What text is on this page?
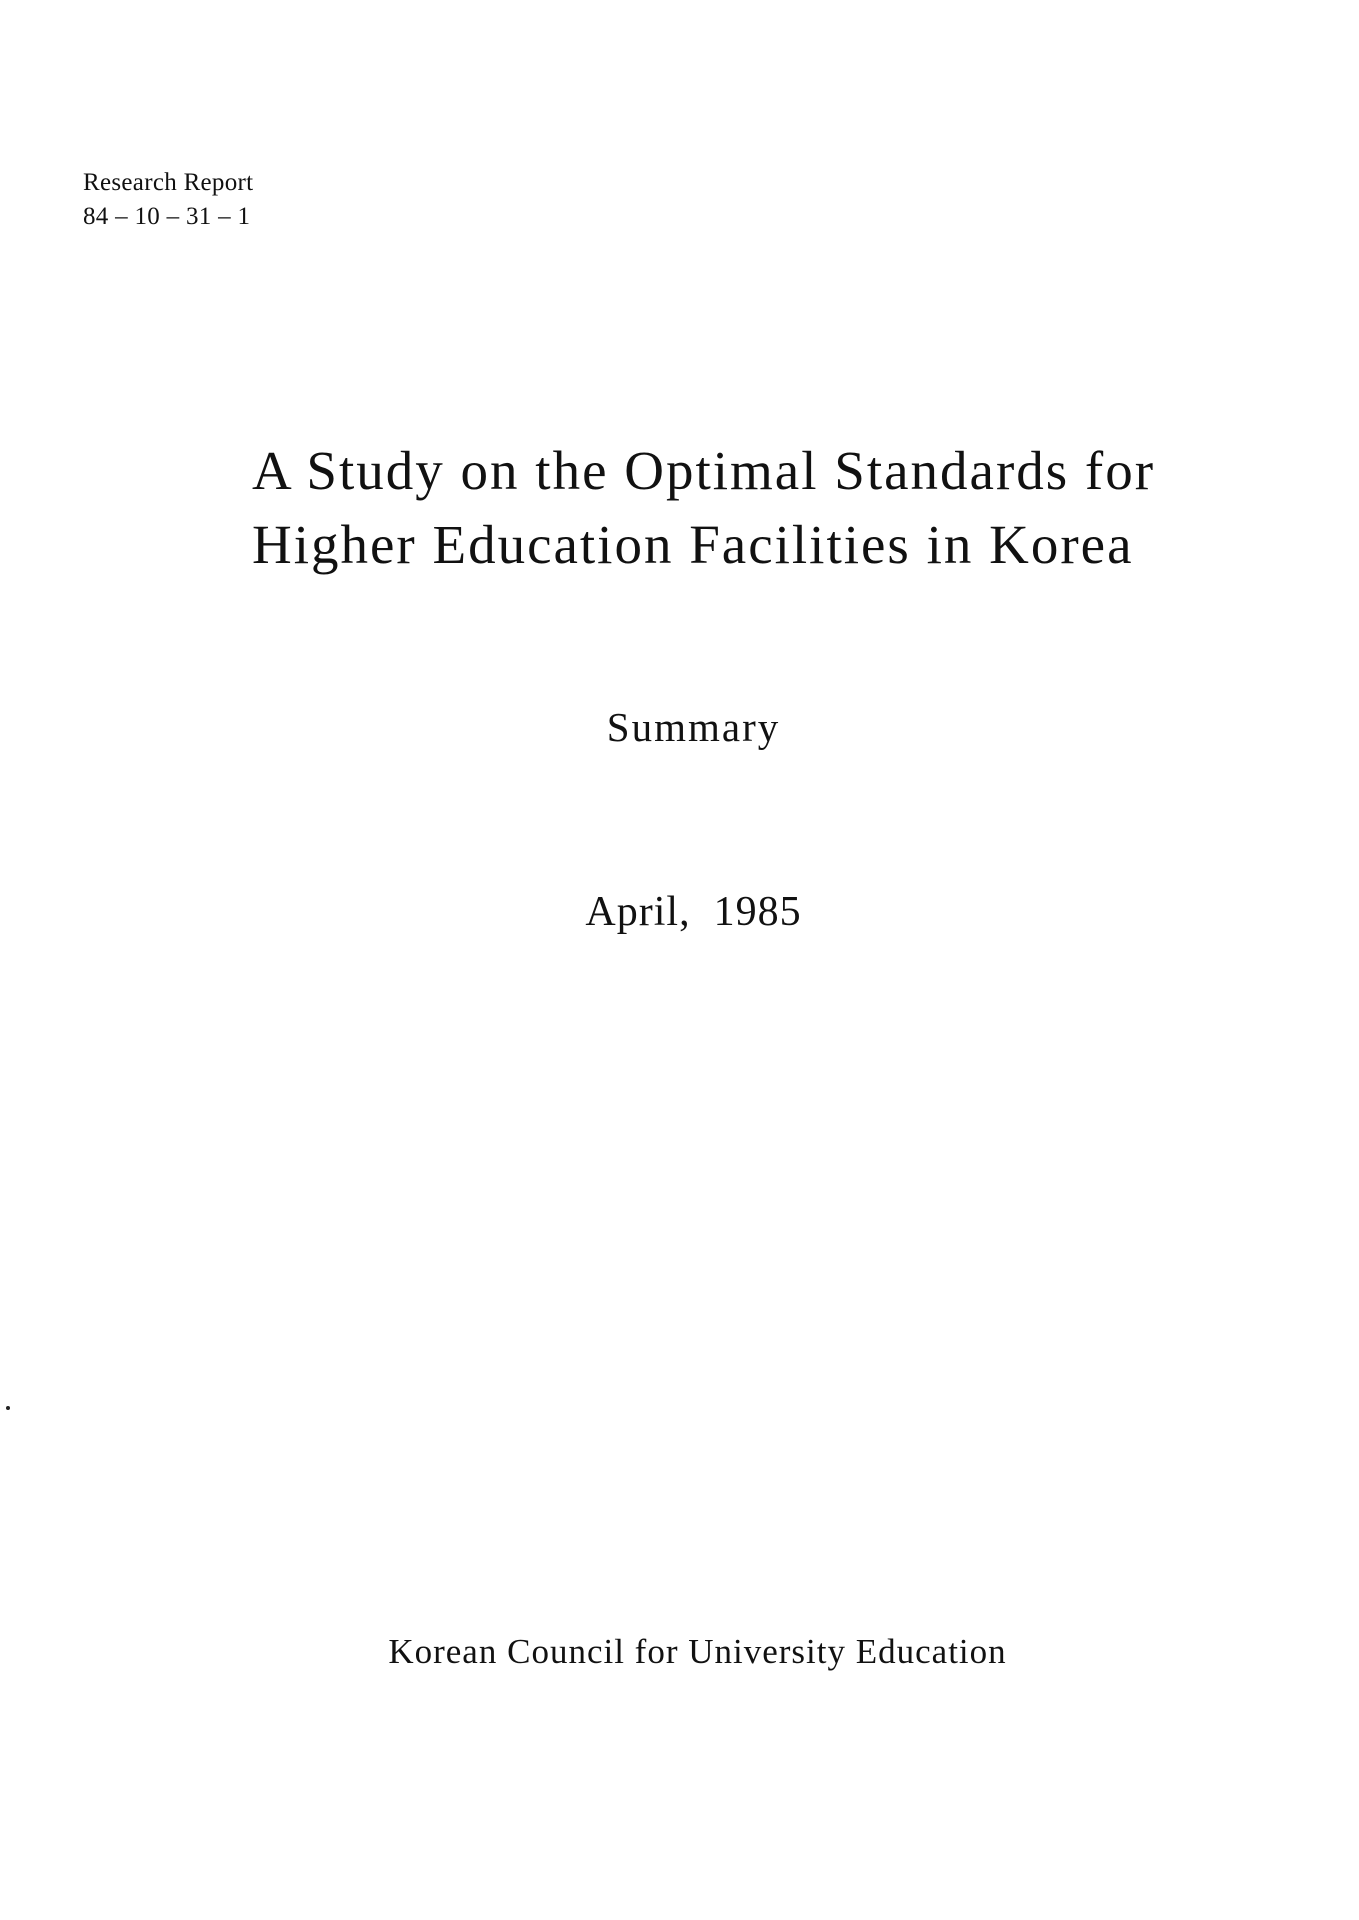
Research Report
84 – 10 – 31 – 1
A Study on the Optimal Standards for
Higher Education Facilities in Korea
Summary
April,  1985
Korean Council for University Education
